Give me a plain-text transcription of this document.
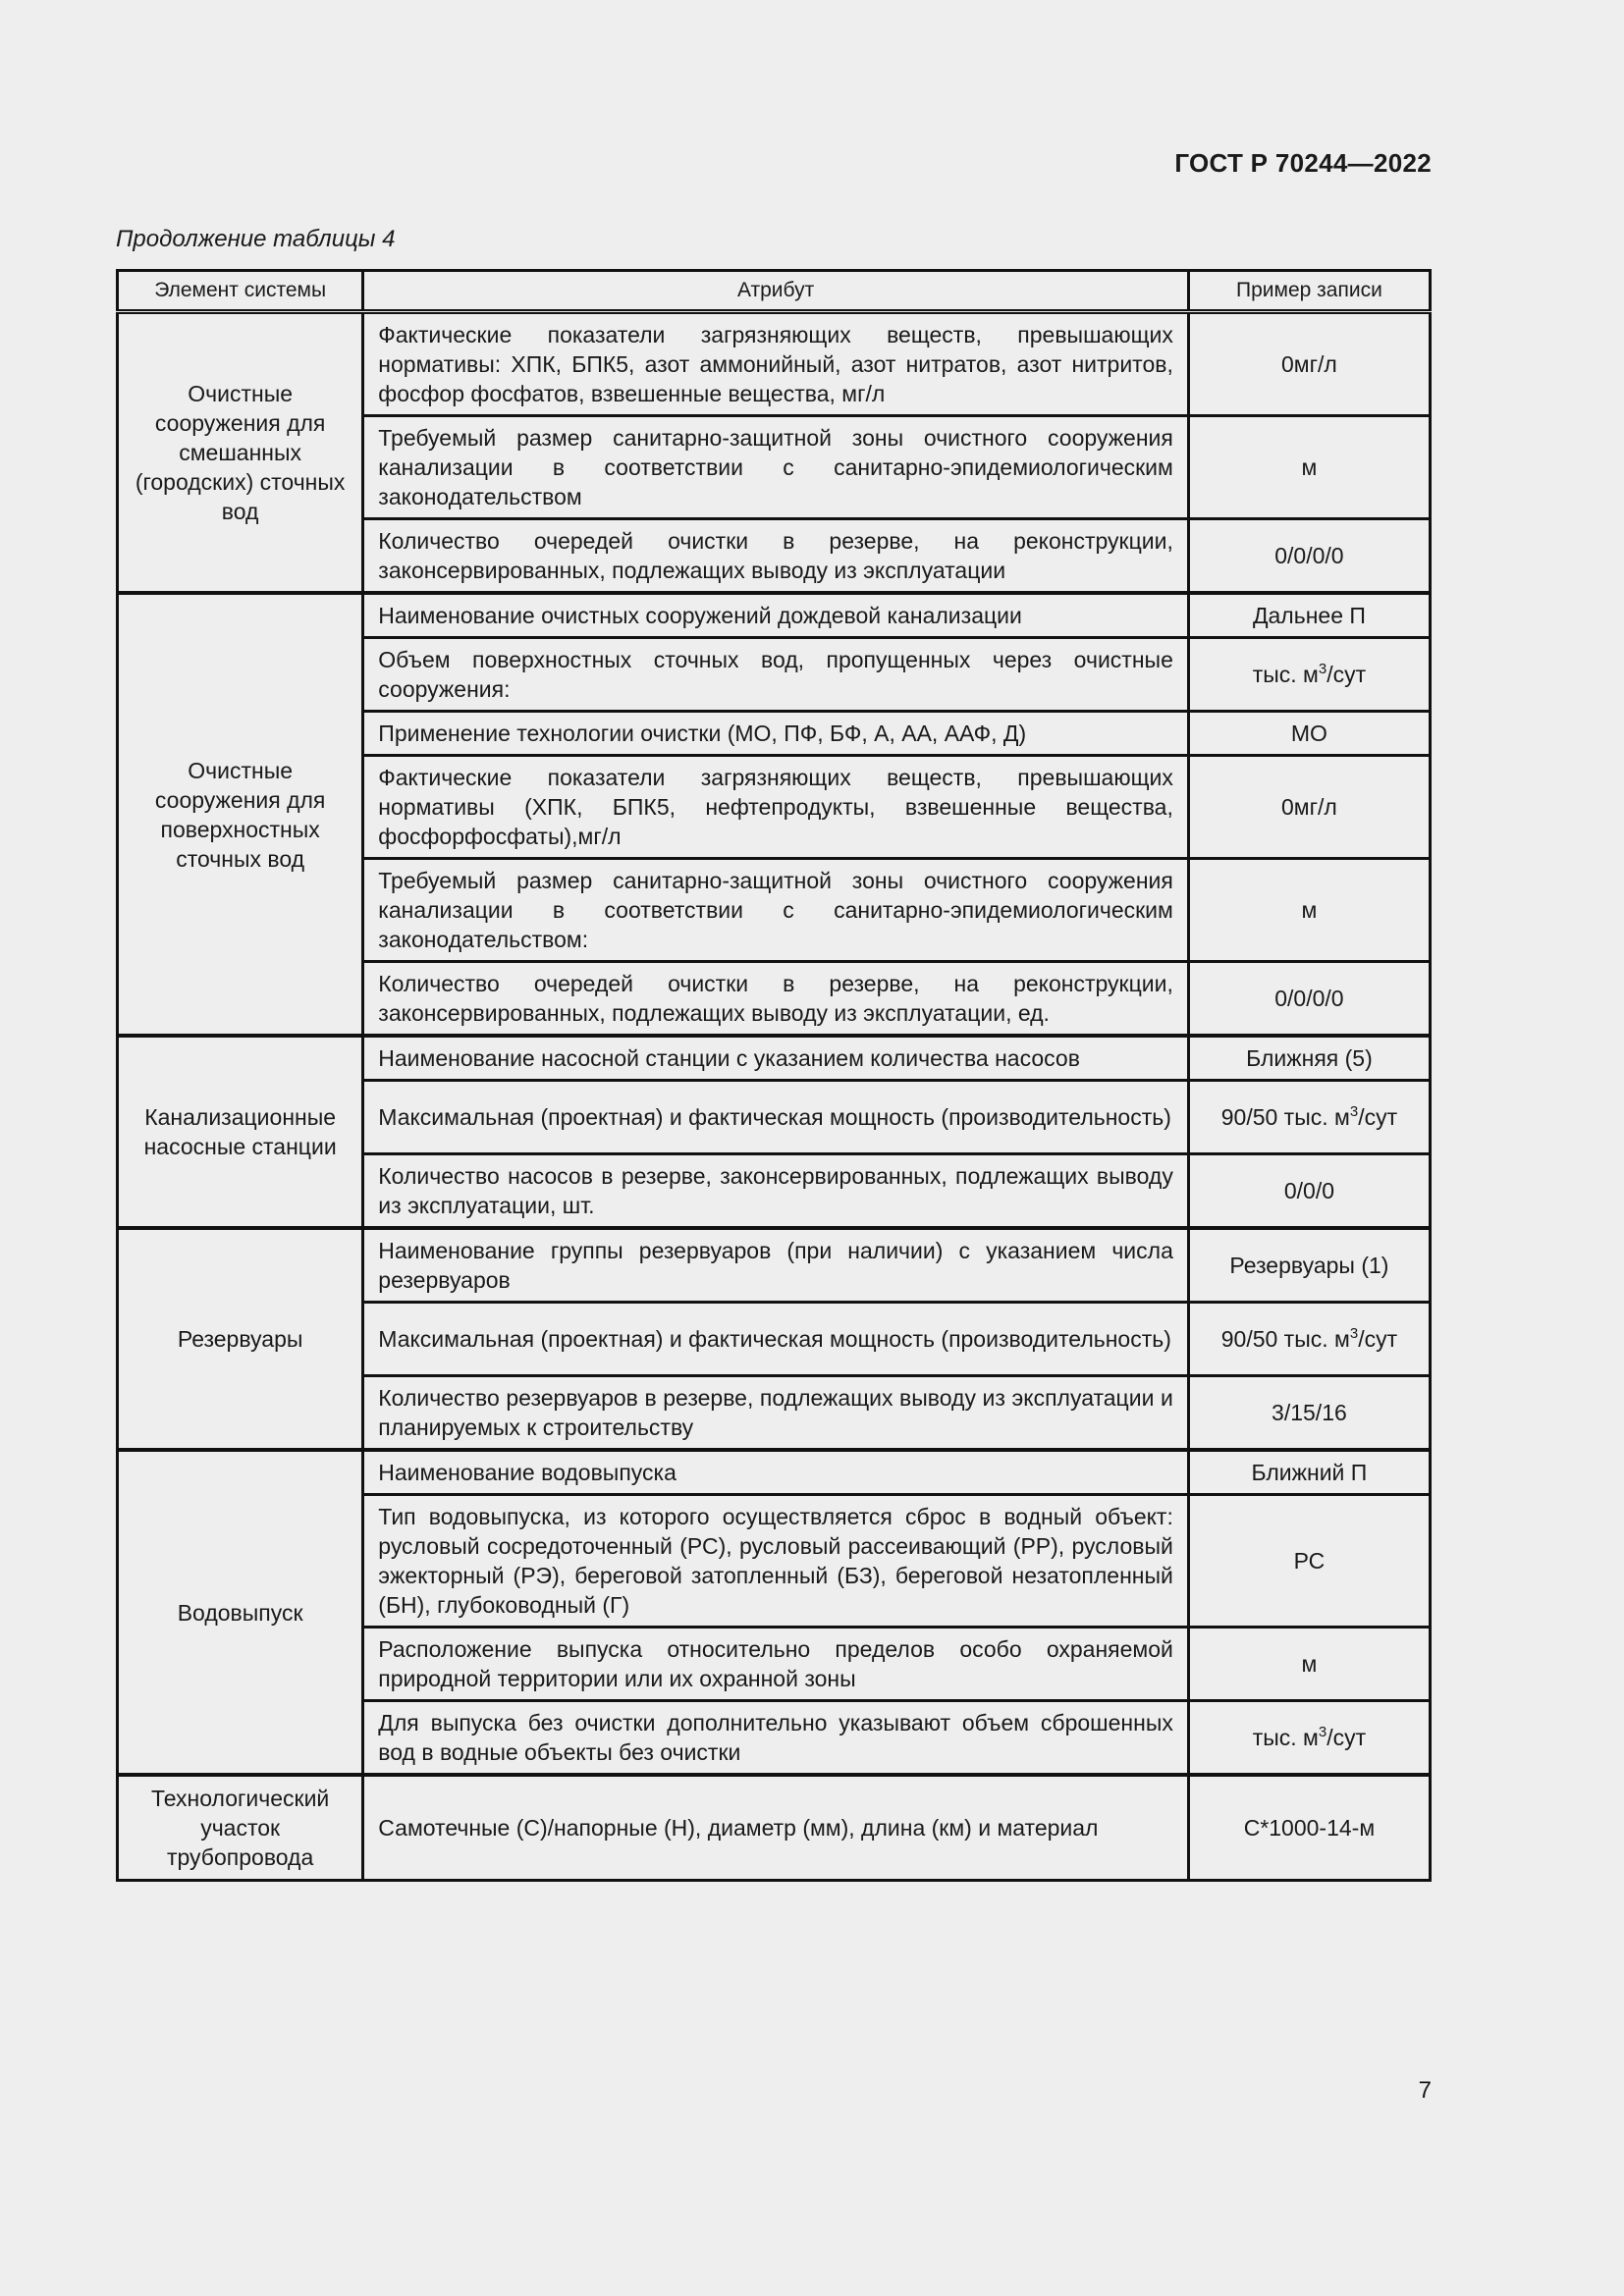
ГОСТ Р 70244—2022
Продолжение таблицы 4
Элемент системы	Атрибут	Пример записи
Очистные сооружения для смешанных (городских) сточных вод	Фактические показатели загрязняющих веществ, превышающих нормативы: ХПК, БПК5, азот аммонийный, азот нитратов, азот нитритов, фосфор фосфатов, взвешенные вещества, мг/л	0мг/л
	Требуемый размер санитарно-защитной зоны очистного сооружения канализации в соответствии с санитарно-эпидемиологическим законодательством	м
	Количество очередей очистки в резерве, на реконструкции, законсервированных, подлежащих выводу из эксплуатации	0/0/0/0
Очистные сооружения для поверхностных сточных вод	Наименование очистных сооружений дождевой канализации	Дальнее П
	Объем поверхностных сточных вод, пропущенных через очистные сооружения:	тыс. $м^3$/сут
	Применение технологии очистки (МО, ПФ, БФ, А, АА, ААФ, Д)	МО
	Фактические показатели загрязняющих веществ, превышающих нормативы (ХПК, БПК5, нефтепродукты, взвешенные вещества, фосфорфосфаты),мг/л	0мг/л
	Требуемый размер санитарно-защитной зоны очистного сооружения канализации в соответствии с санитарно-эпидемиологическим законодательством:	м
	Количество очередей очистки в резерве, на реконструкции, законсервированных, подлежащих выводу из эксплуатации, ед.	0/0/0/0
Канализационные насосные станции	Наименование насосной станции с указанием количества насосов	Ближняя (5)
	Максимальная (проектная) и фактическая мощность (производительность)	90/50 тыс. $м^3$/сут
	Количество насосов в резерве, законсервированных, подлежащих выводу из эксплуатации, шт.	0/0/0
Резервуары	Наименование группы резервуаров (при наличии) с указанием числа резервуаров	Резервуары (1)
	Максимальная (проектная) и фактическая мощность (производительность)	90/50 тыс. $м^3$/сут
	Количество резервуаров в резерве, подлежащих выводу из эксплуатации и планируемых к строительству	3/15/16
Водовыпуск	Наименование водовыпуска	Ближний П
	Тип водовыпуска, из которого осуществляется сброс в водный объект: русловый сосредоточенный (РС), русловый рассеивающий (РР), русловый эжекторный (РЭ), береговой затопленный (БЗ), береговой незатопленный (БН), глубоководный (Г)	РС
	Расположение выпуска относительно пределов особо охраняемой природной территории или их охранной зоны	м
	Для выпуска без очистки дополнительно указывают объем сброшенных вод в водные объекты без очистки	тыс. $м^3$/сут
Технологический участок трубопровода	Самотечные (С)/напорные (Н), диаметр (мм), длина (км) и материал	С*1000-14-м
7
